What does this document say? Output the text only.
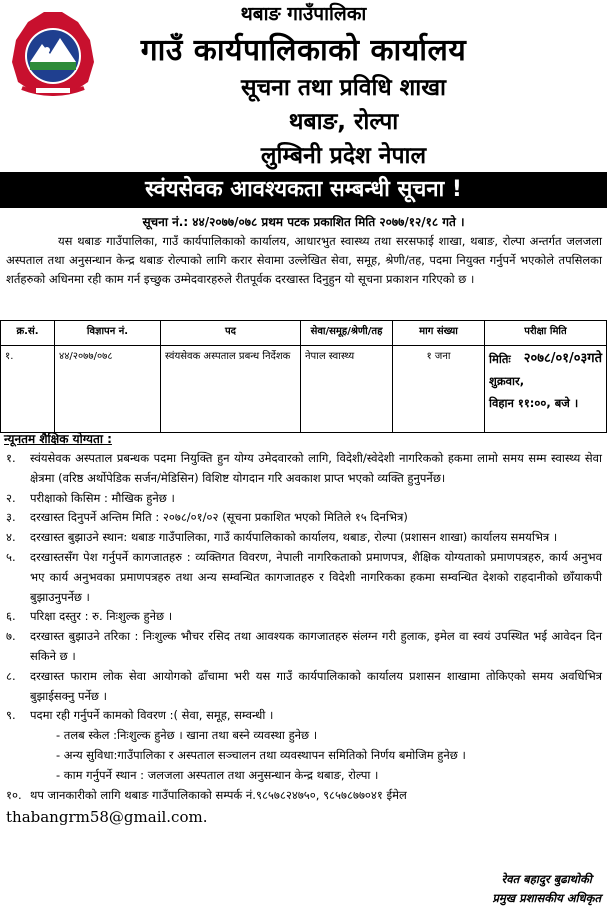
थबाङ गाउँपालिका
गाउँ कार्यपालिकाको कार्यालय
सूचना तथा प्रविधि शाखा
थबाङ, रोल्पा
लुम्बिनी प्रदेश नेपाल
स्वंयसेवक आवश्यकता सम्बन्धी सूचना !
सूचना नं.: ४४/२०७७/०७८ प्रथम पटक प्रकाशित मिति २०७७/१२/१८ गते ।
यस थबाङ गाउँपालिका, गाउँ कार्यपालिकाको कार्यालय, आधारभुत स्वास्थ्य तथा सरसफाई शाखा, थबाङ, रोल्पा अन्तर्गत जलजला अस्पताल तथा अनुसन्धान केन्द्र थबाङ रोल्पाको लागि करार सेवामा उल्लेखित सेवा, समूह, श्रेणी/तह, पदमा नियुक्त गर्नुपर्ने भएकोले तपसिलका शर्तहरुको अधिनमा रही काम गर्न इच्छुक उम्मेदवारहरुले रीतपूर्वक दरखास्त दिनुहुन यो सूचना प्रकाशन गरिएको छ ।
क्र.सं.	विज्ञापन नं.	पद	सेवा/समूह/श्रेणी/तह	माग संख्या	परीक्षा मिति
१.	४४/२०७७/०७८	स्वंयसेवक अस्पताल प्रबन्ध निर्देशक	नेपाल स्वास्थ्य	१ जना	मितिः २०७८/०१/०३गते
शुक्रवार,
विहान ११:००, बजे ।
न्यूनतम शैक्षिक योग्यता :
१.	स्वंयसेवक अस्पताल प्रबन्धक पदमा नियुक्ति हुन योग्य उमेदवारको लागि, विदेशी/स्वेदेशी नागरिकको हकमा लामो समय सम्म स्वास्थ्य सेवा क्षेत्रमा (वरिष्ठ अर्थोपेडिक सर्जन/मेडिसिन) विशिष्ट योगदान गरि अवकाश प्राप्त भएको व्यक्ति हुनुपर्नेछ।
२.	परीक्षाको किसिम : मौखिक हुनेछ ।
३.	दरखास्त दिनुपर्ने अन्तिम मिति : २०७८/०१/०२ (सूचना प्रकाशित भएको मितिले १५ दिनभित्र)
४.	दरखास्त बुझाउने स्थान: थबाङ गाउँपालिका, गाउँ कार्यपालिकाको कार्यालय, थबाङ, रोल्पा (प्रशासन शाखा) कार्यालय समयभित्र ।
५.	दरखास्तसँग पेश गर्नुपर्ने कागजातहरु : व्यक्तिगत विवरण, नेपाली नागरिकताको प्रमाणपत्र, शैक्षिक योग्यताको प्रमाणपत्रहरु, कार्य अनुभव भए कार्य अनुभवका प्रमाणपत्रहरु तथा अन्य सम्वन्धित कागजातहरु र विदेशी नागरिकका हकमा सम्वन्धित देशको राहदानीको छाँयाकपी बुझाउनुपर्नेछ ।
६.	परिक्षा दस्तुर : रु. निःशुल्क हुनेछ ।
७.	दरखास्त बुझाउने तरिका : निःशुल्क भौचर रसिद तथा आवश्यक कागजातहरु संलग्न गरी हुलाक, इमेल वा स्वयं उपस्थित भई आवेदन दिन सकिने छ ।
८.	दरखास्त फाराम लोक सेवा आयोगको ढाँचामा भरी यस गाउँ कार्यपालिकाको कार्यालय प्रशासन शाखामा तोकिएको समय अवधिभित्र बुझाईसक्नु पर्नेछ ।
९.	पदमा रही गर्नुपर्ने कामको विवरण :( सेवा, समूह, सम्वन्धी ।
- तलब स्केल :निःशुल्क हुनेछ । खाना तथा बस्ने व्यवस्था हुनेछ ।
- अन्य सुविधा:गाउँपालिका र अस्पताल सञ्चालन तथा व्यवस्थापन समितिको निर्णय बमोजिम हुनेछ ।
- काम गर्नुपर्ने स्थान : जलजला अस्पताल तथा अनुसन्धान केन्द्र थबाङ, रोल्पा ।
१०. थप जानकारीको लागि थबाङ गाउँपालिकाको सम्पर्क नं.९८५७८२४७५०, ९८५७८७७०४१ ईमेल
thabangrm58@gmail.com.
रेवत बहादुर बुढाथोकी
प्रमुख प्रशासकीय अधिकृत
